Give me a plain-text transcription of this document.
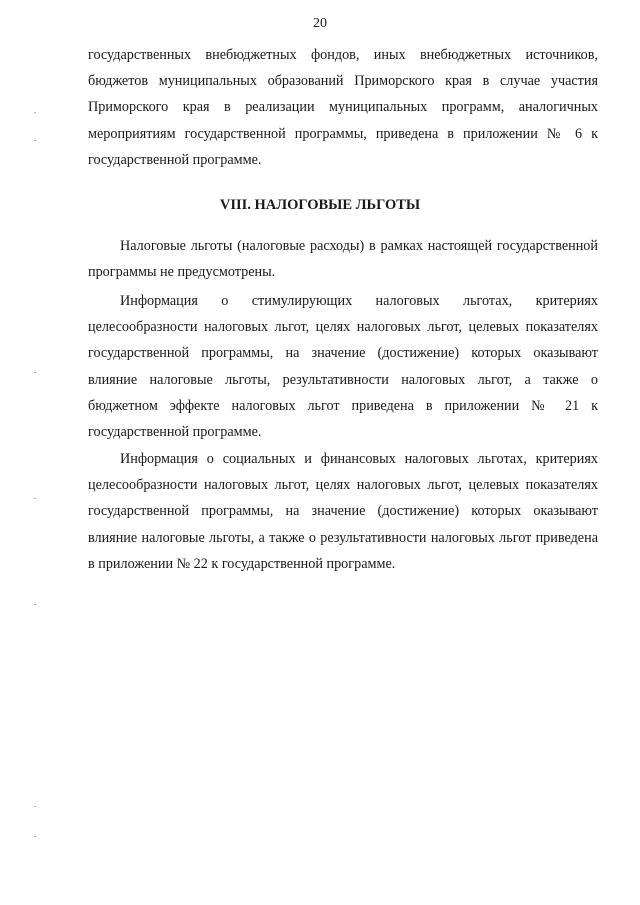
20

государственных внебюджетных фондов, иных внебюджетных источников, бюджетов муниципальных образований Приморского края в случае участия Приморского края в реализации муниципальных программ, аналогичных мероприятиям государственной программы, приведена в приложении № 6 к государственной программе.

VIII. НАЛОГОВЫЕ ЛЬГОТЫ

Налоговые льготы (налоговые расходы) в рамках настоящей государственной программы не предусмотрены.

Информация о стимулирующих налоговых льготах, критериях целесообразности налоговых льгот, целях налоговых льгот, целевых показателях государственной программы, на значение (достижение) которых оказывают влияние налоговые льготы, результативности налоговых льгот, а также о бюджетном эффекте налоговых льгот приведена в приложении № 21 к государственной программе.

Информация о социальных и финансовых налоговых льготах, критериях целесообразности налоговых льгот, целях налоговых льгот, целевых показателях государственной программы, на значение (достижение) которых оказывают влияние налоговые льготы, а также о результативности налоговых льгот приведена в приложении № 22 к государственной программе.
